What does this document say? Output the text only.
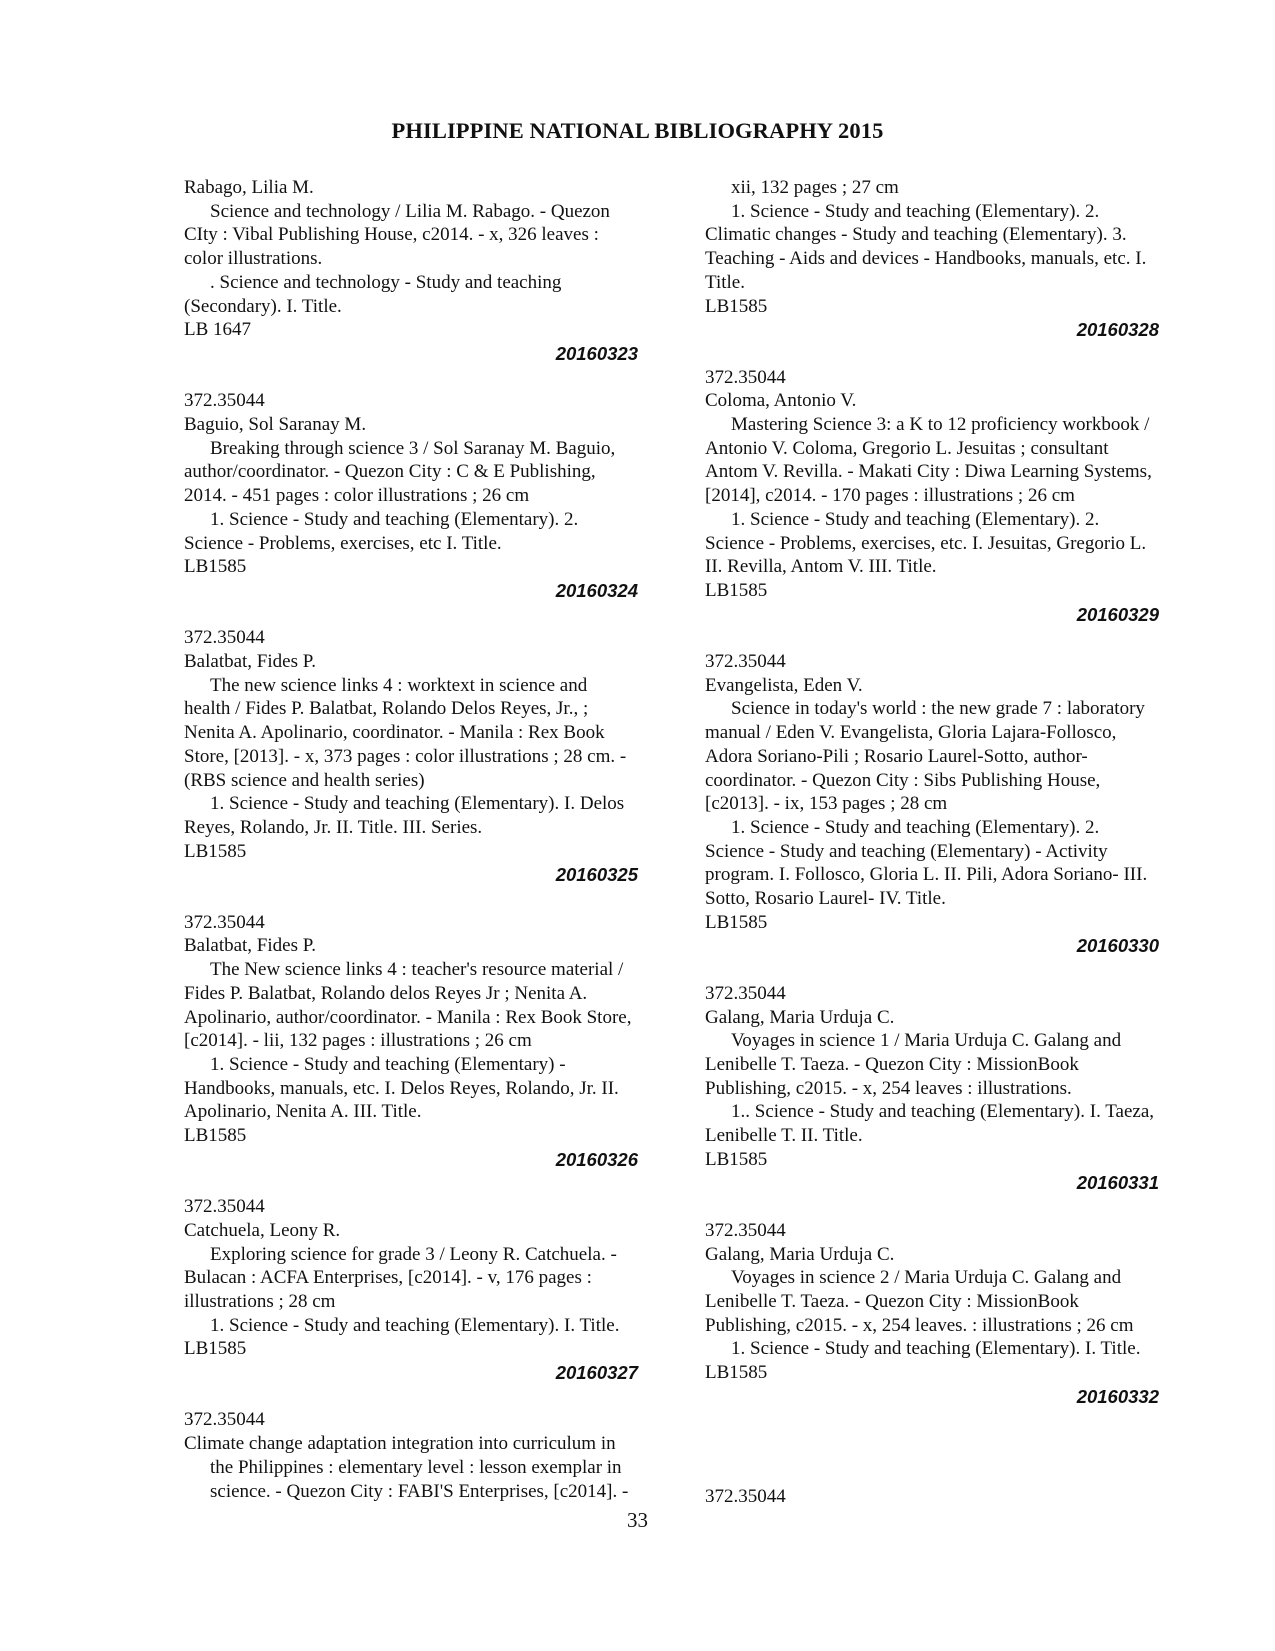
PHILIPPINE NATIONAL BIBLIOGRAPHY 2015
Rabago, Lilia M.
Science and technology / Lilia M. Rabago. - Quezon
CIty : Vibal Publishing House, c2014. - x, 326 leaves :
color illustrations.
. Science and technology - Study and teaching
(Secondary). I. Title.
LB 1647
20160323
372.35044
Baguio, Sol Saranay M.
Breaking through science 3 / Sol Saranay M. Baguio,
author/coordinator. - Quezon City : C & E Publishing,
2014. - 451 pages : color illustrations ; 26 cm
1. Science - Study and teaching (Elementary). 2.
Science - Problems, exercises, etc I. Title.
LB1585
20160324
372.35044
Balatbat, Fides P.
The new science links 4 : worktext in science and
health / Fides P. Balatbat, Rolando Delos Reyes, Jr., ;
Nenita A. Apolinario, coordinator. - Manila : Rex Book
Store, [2013]. - x, 373 pages : color illustrations ; 28 cm. -
(RBS science and health series)
1. Science - Study and teaching (Elementary). I. Delos
Reyes, Rolando, Jr. II. Title. III. Series.
LB1585
20160325
372.35044
Balatbat, Fides P.
The New science links 4 : teacher's resource material /
Fides P. Balatbat, Rolando delos Reyes Jr ; Nenita A.
Apolinario, author/coordinator. - Manila : Rex Book Store,
[c2014]. - lii, 132 pages : illustrations ; 26 cm
1. Science - Study and teaching (Elementary) -
Handbooks, manuals, etc. I. Delos Reyes, Rolando, Jr. II.
Apolinario, Nenita A. III. Title.
LB1585
20160326
372.35044
Catchuela, Leony R.
Exploring science for grade 3 / Leony R. Catchuela. -
Bulacan : ACFA Enterprises, [c2014]. - v, 176 pages :
illustrations ; 28 cm
1. Science - Study and teaching (Elementary). I. Title.
LB1585
20160327
372.35044
Climate change adaptation integration into curriculum in
the Philippines : elementary level : lesson exemplar in
science. - Quezon City : FABI'S Enterprises, [c2014]. -
xii, 132 pages ; 27 cm
1. Science - Study and teaching (Elementary). 2.
Climatic changes - Study and teaching (Elementary). 3.
Teaching - Aids and devices - Handbooks, manuals, etc. I.
Title.
LB1585
20160328
372.35044
Coloma, Antonio V.
Mastering Science 3: a K to 12 proficiency workbook /
Antonio V. Coloma, Gregorio L. Jesuitas ; consultant
Antom V. Revilla. - Makati City : Diwa Learning Systems,
[2014], c2014. - 170 pages : illustrations ; 26 cm
1. Science - Study and teaching (Elementary). 2.
Science - Problems, exercises, etc. I. Jesuitas, Gregorio L.
II. Revilla, Antom V. III. Title.
LB1585
20160329
372.35044
Evangelista, Eden V.
Science in today's world : the new grade 7 : laboratory
manual / Eden V. Evangelista, Gloria Lajara-Follosco,
Adora Soriano-Pili ; Rosario Laurel-Sotto, author-
coordinator. - Quezon City : Sibs Publishing House,
[c2013]. - ix, 153 pages ; 28 cm
1. Science - Study and teaching (Elementary). 2.
Science - Study and teaching (Elementary) - Activity
program. I. Follosco, Gloria L. II. Pili, Adora Soriano- III.
Sotto, Rosario Laurel- IV. Title.
LB1585
20160330
372.35044
Galang, Maria Urduja C.
Voyages in science 1 / Maria Urduja C. Galang and
Lenibelle T. Taeza. - Quezon City : MissionBook
Publishing, c2015. - x, 254 leaves : illustrations.
1.. Science - Study and teaching (Elementary). I. Taeza,
Lenibelle T. II. Title.
LB1585
20160331
372.35044
Galang, Maria Urduja C.
Voyages in science 2 / Maria Urduja C. Galang and
Lenibelle T. Taeza. - Quezon City : MissionBook
Publishing, c2015. - x, 254 leaves. : illustrations ; 26 cm
1. Science - Study and teaching (Elementary). I. Title.
LB1585
20160332
372.35044
33
